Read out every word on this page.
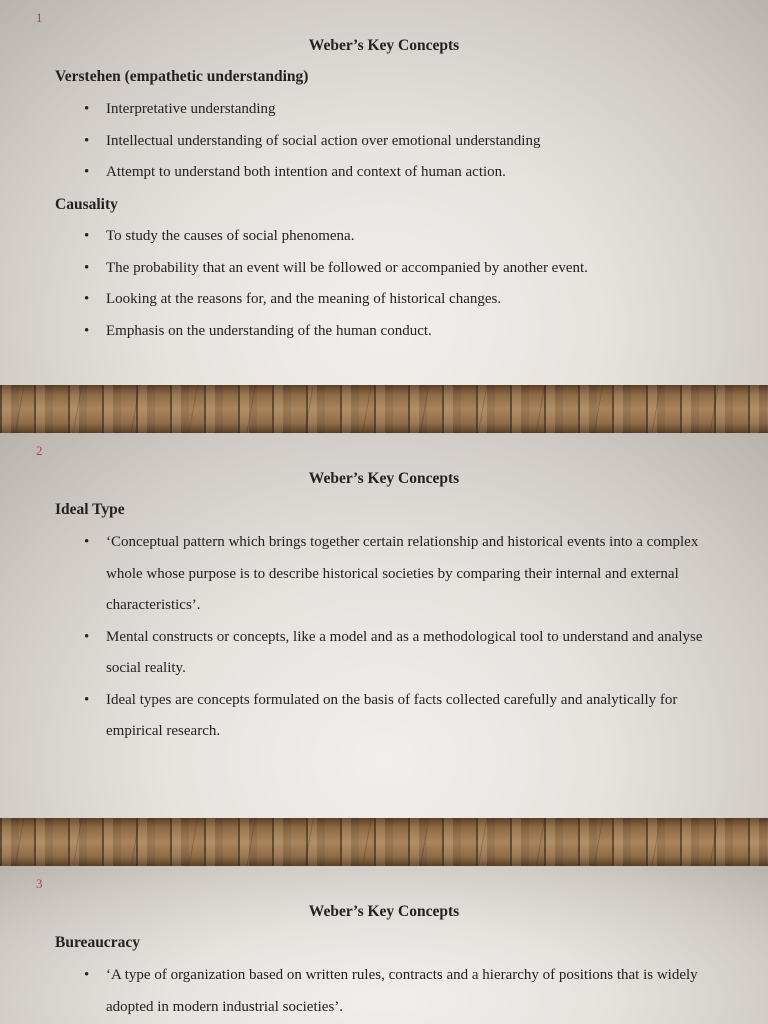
1
Weber’s Key Concepts
Verstehen (empathetic understanding)
• Interpretative understanding
• Intellectual understanding of social action over emotional understanding
• Attempt to understand both intention and context of human action.
Causality
• To study the causes of social phenomena.
• The probability that an event will be followed or accompanied by another event.
• Looking at the reasons for, and the meaning of historical changes.
• Emphasis on the understanding of the human conduct.
2
Weber’s Key Concepts
Ideal Type
• ‘Conceptual pattern which brings together certain relationship and historical events into a complex whole whose purpose is to describe historical societies by comparing their internal and external characteristics’.
• Mental constructs or concepts, like a model and as a methodological tool to understand and analyse social reality.
• Ideal types are concepts formulated on the basis of facts collected carefully and analytically for empirical research.
3
Weber’s Key Concepts
Bureaucracy
• ‘A type of organization based on written rules, contracts and a hierarchy of positions that is widely adopted in modern industrial societies’.
